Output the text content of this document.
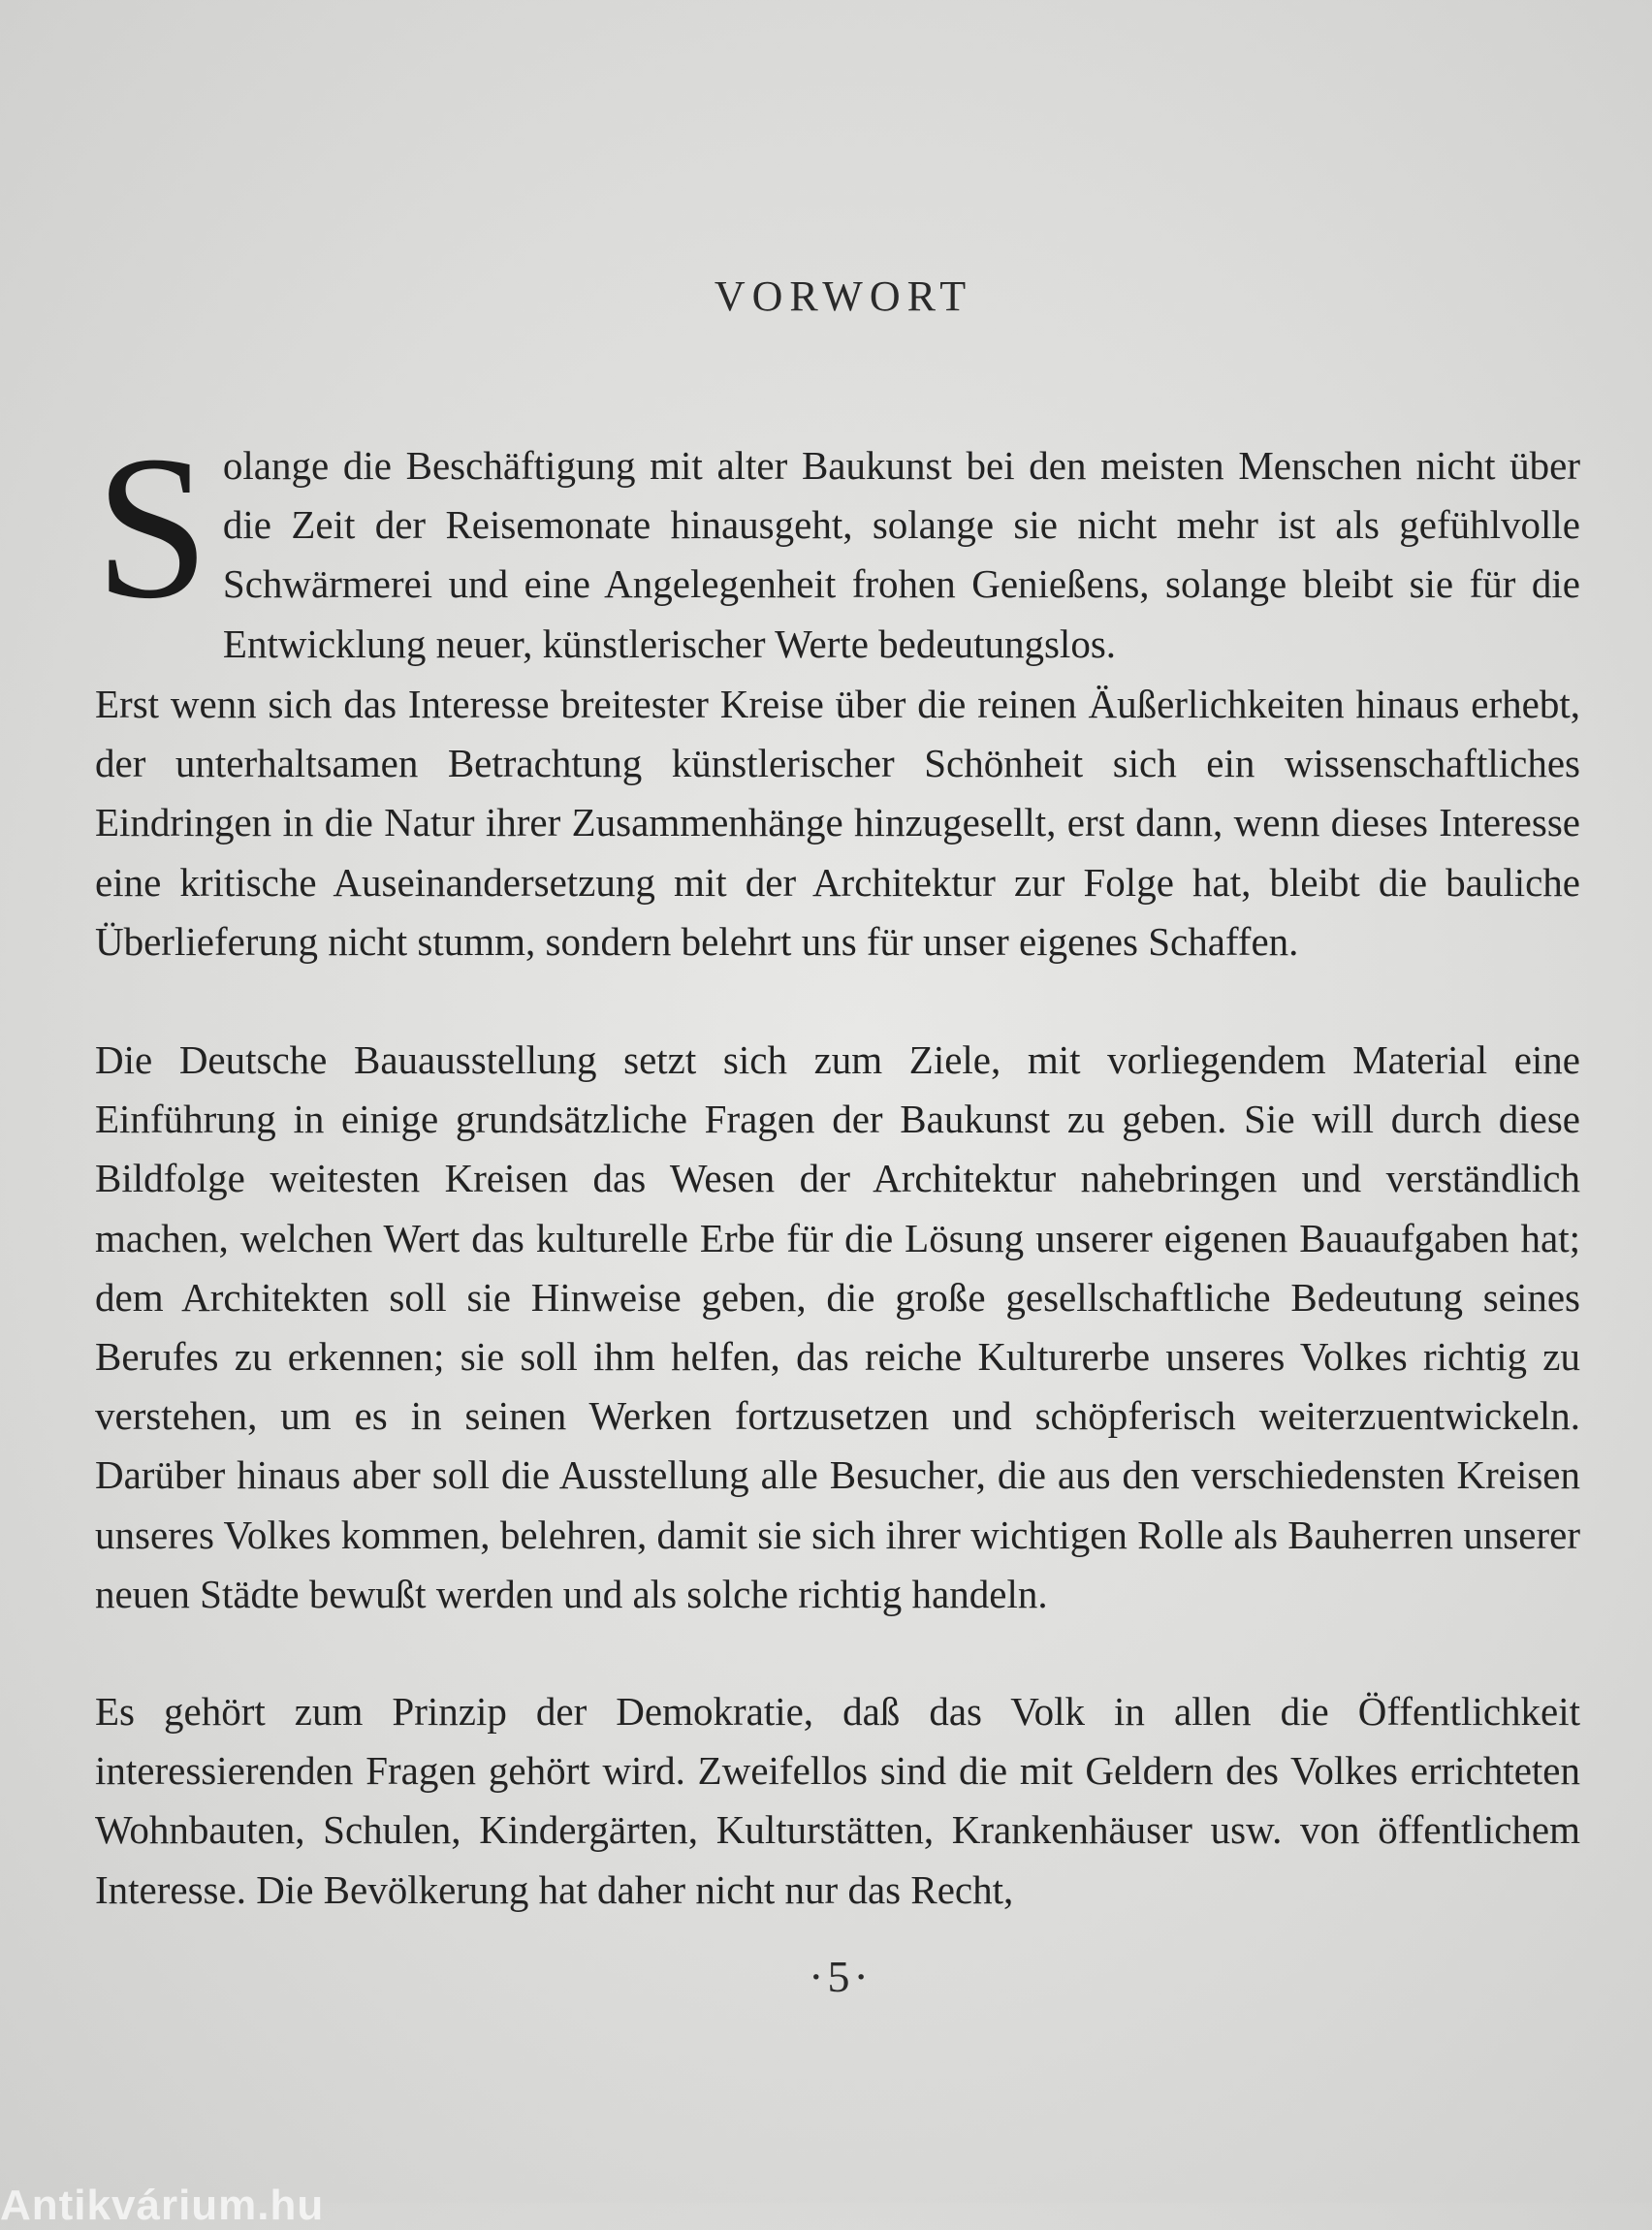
VORWORT

Solange die Beschäftigung mit alter Baukunst bei den meisten Menschen nicht über die Zeit der Reisemonate hinausgeht, solange sie nicht mehr ist als gefühlvolle Schwärmerei und eine Angelegenheit frohen Genießens, solange bleibt sie für die Entwicklung neuer, künstlerischer Werte bedeutungslos.

Erst wenn sich das Interesse breitester Kreise über die reinen Äußerlichkeiten hinaus erhebt, der unterhaltsamen Betrachtung künstlerischer Schönheit sich ein wissenschaftliches Eindringen in die Natur ihrer Zusammenhänge hinzugesellt, erst dann, wenn dieses Interesse eine kritische Auseinandersetzung mit der Architektur zur Folge hat, bleibt die bauliche Überlieferung nicht stumm, sondern belehrt uns für unser eigenes Schaffen.

Die Deutsche Bauausstellung setzt sich zum Ziele, mit vorliegendem Material eine Einführung in einige grundsätzliche Fragen der Baukunst zu geben. Sie will durch diese Bildfolge weitesten Kreisen das Wesen der Architektur nahebringen und verständlich machen, welchen Wert das kulturelle Erbe für die Lösung unserer eigenen Bauaufgaben hat; dem Architekten soll sie Hinweise geben, die große gesellschaftliche Bedeutung seines Berufes zu erkennen; sie soll ihm helfen, das reiche Kulturerbe unseres Volkes richtig zu verstehen, um es in seinen Werken fortzusetzen und schöpferisch weiterzuentwickeln. Darüber hinaus aber soll die Ausstellung alle Besucher, die aus den verschiedensten Kreisen unseres Volkes kommen, belehren, damit sie sich ihrer wichtigen Rolle als Bauherren unserer neuen Städte bewußt werden und als solche richtig handeln.

Es gehört zum Prinzip der Demokratie, daß das Volk in allen die Öffentlichkeit interessierenden Fragen gehört wird. Zweifellos sind die mit Geldern des Volkes errichteten Wohnbauten, Schulen, Kindergärten, Kulturstätten, Krankenhäuser usw. von öffentlichem Interesse. Die Bevölkerung hat daher nicht nur das Recht,

·5·
Antikvárium.hu
